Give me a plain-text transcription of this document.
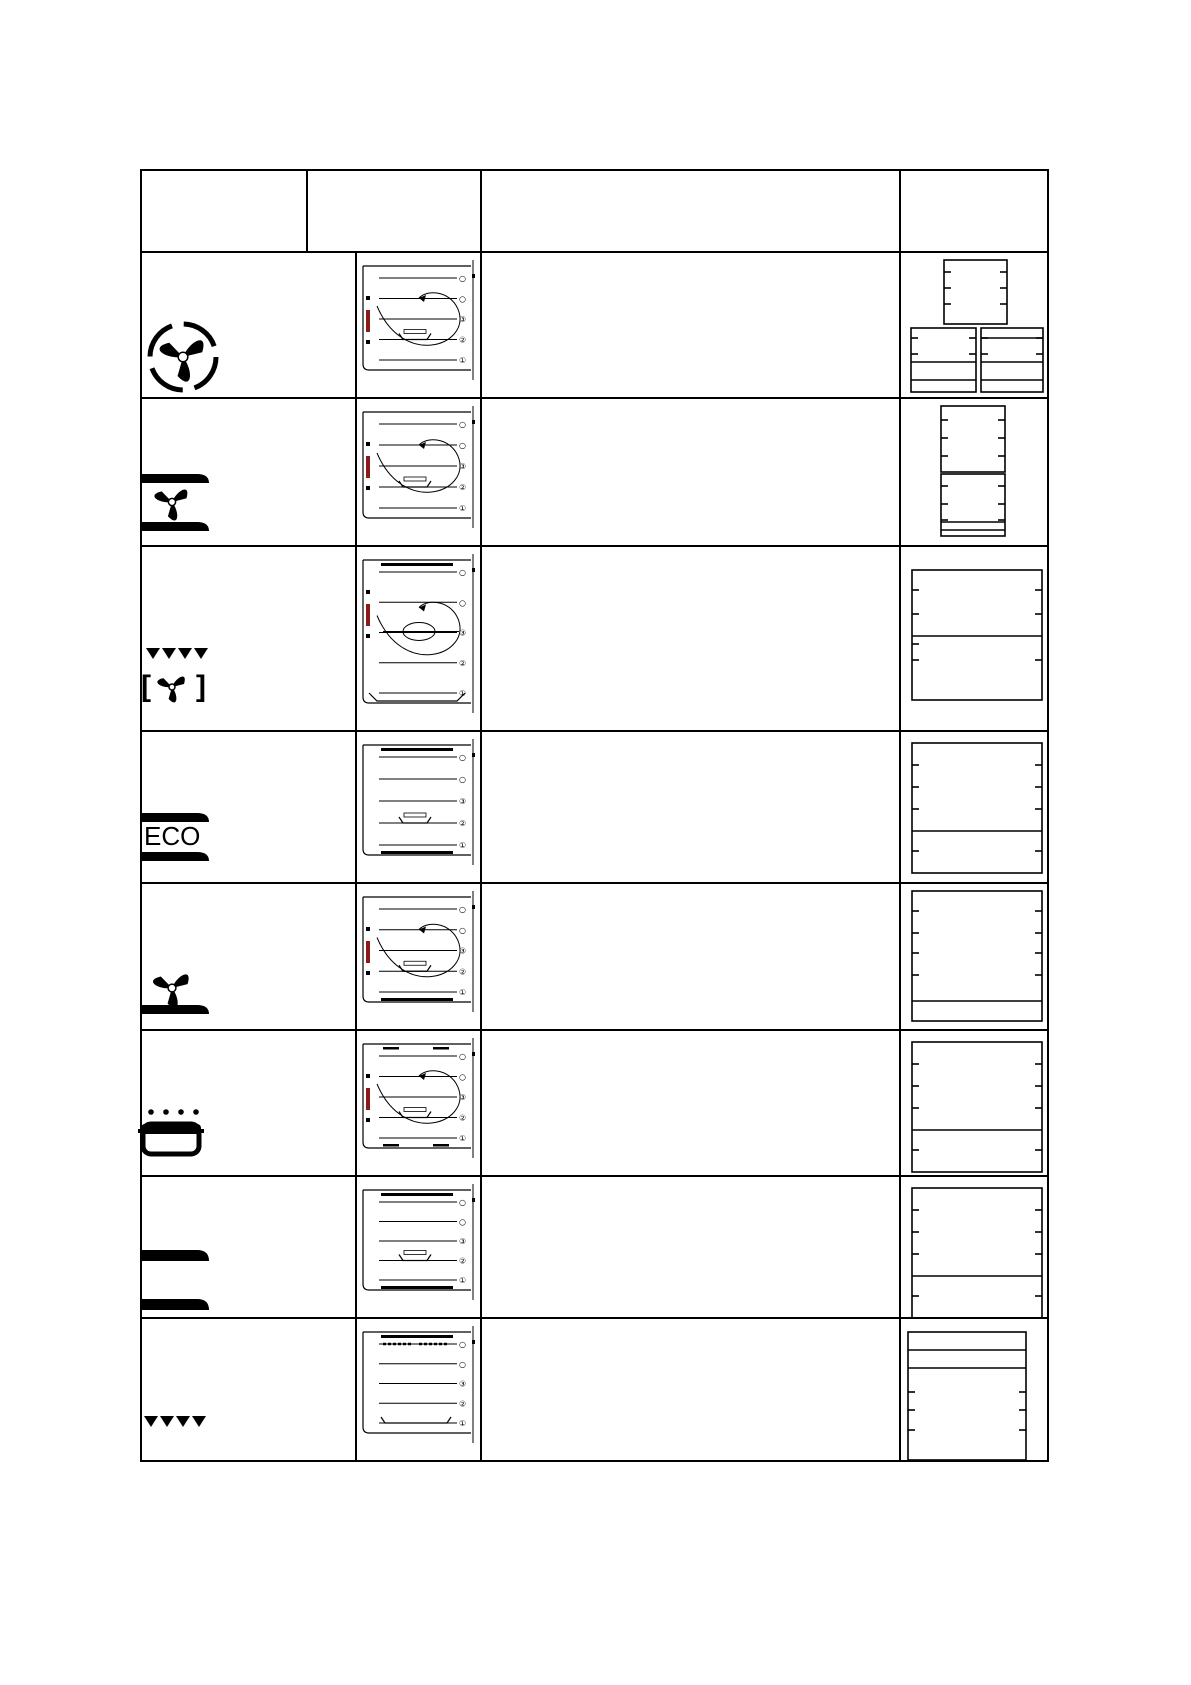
○
○
③
②
①
○
○
③
②
①
[ ]
○
○
③
②
①
ECO
○
○
③
②
①
○
○
③
②
①
○
○
③
②
①
○
○
③
②
①
○
○
③
②
①
